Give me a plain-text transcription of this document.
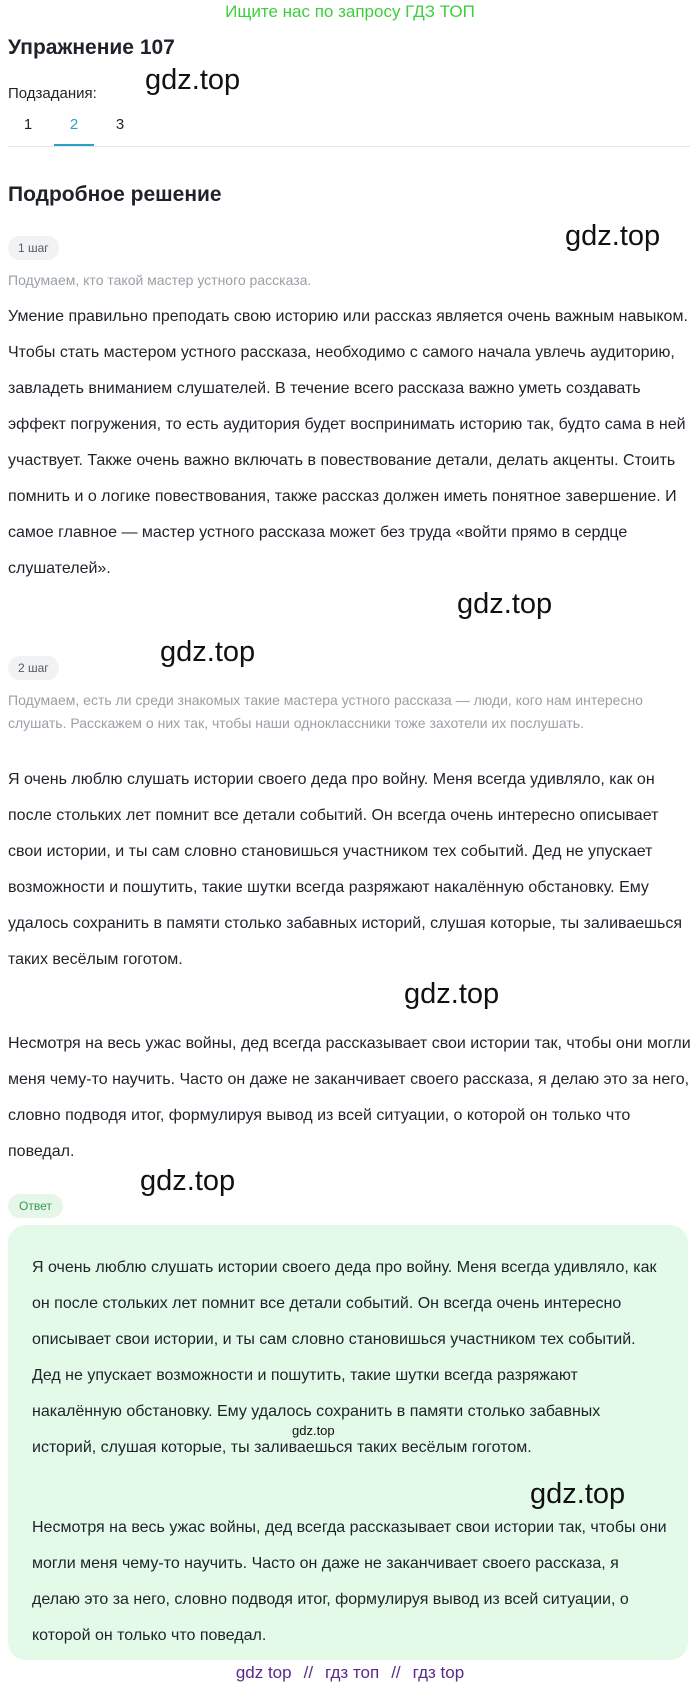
Ищите нас по запросу ГДЗ ТОП
Упражнение 107
Подзадания:
1	2	3
Подробное решение
1 шаг
Подумаем, кто такой мастер устного рассказа.
Умение правильно преподать свою историю или рассказ является очень важным навыком. Чтобы стать мастером устного рассказа, необходимо с самого начала увлечь аудиторию, завладеть вниманием слушателей. В течение всего рассказа важно уметь создавать эффект погружения, то есть аудитория будет воспринимать историю так, будто сама в ней участвует. Также очень важно включать в повествование детали, делать акценты. Стоить помнить и о логике повествования, также рассказ должен иметь понятное завершение. И самое главное — мастер устного рассказа может без труда «войти прямо в сердце слушателей».
2 шаг
Подумаем, есть ли среди знакомых такие мастера устного рассказа — люди, кого нам интересно слушать. Расскажем о них так, чтобы наши одноклассники тоже захотели их послушать.
Я очень люблю слушать истории своего деда про войну. Меня всегда удивляло, как он после стольких лет помнит все детали событий. Он всегда очень интересно описывает свои истории, и ты сам словно становишься участником тех событий. Дед не упускает возможности и пошутить, такие шутки всегда разряжают накалённую обстановку. Ему удалось сохранить в памяти столько забавных историй, слушая которые, ты заливаешься таких весёлым гоготом.
Несмотря на весь ужас войны, дед всегда рассказывает свои истории так, чтобы они могли меня чему-то научить. Часто он даже не заканчивает своего рассказа, я делаю это за него, словно подводя итог, формулируя вывод из всей ситуации, о которой он только что поведал.
Ответ
Я очень люблю слушать истории своего деда про войну. Меня всегда удивляло, как он после стольких лет помнит все детали событий. Он всегда очень интересно описывает свои истории, и ты сам словно становишься участником тех событий. Дед не упускает возможности и пошутить, такие шутки всегда разряжают накалённую обстановку. Ему удалось сохранить в памяти столько забавных историй, слушая которые, ты заливаешься таких весёлым гоготом.
Несмотря на весь ужас войны, дед всегда рассказывает свои истории так, чтобы они могли меня чему-то научить. Часто он даже не заканчивает своего рассказа, я делаю это за него, словно подводя итог, формулируя вывод из всей ситуации, о которой он только что поведал.
gdz.top
gdz.top
gdz.top
gdz.top
gdz.top
gdz.top
gdz.top
gdz.top
gdz top // гдз топ // гдз top
